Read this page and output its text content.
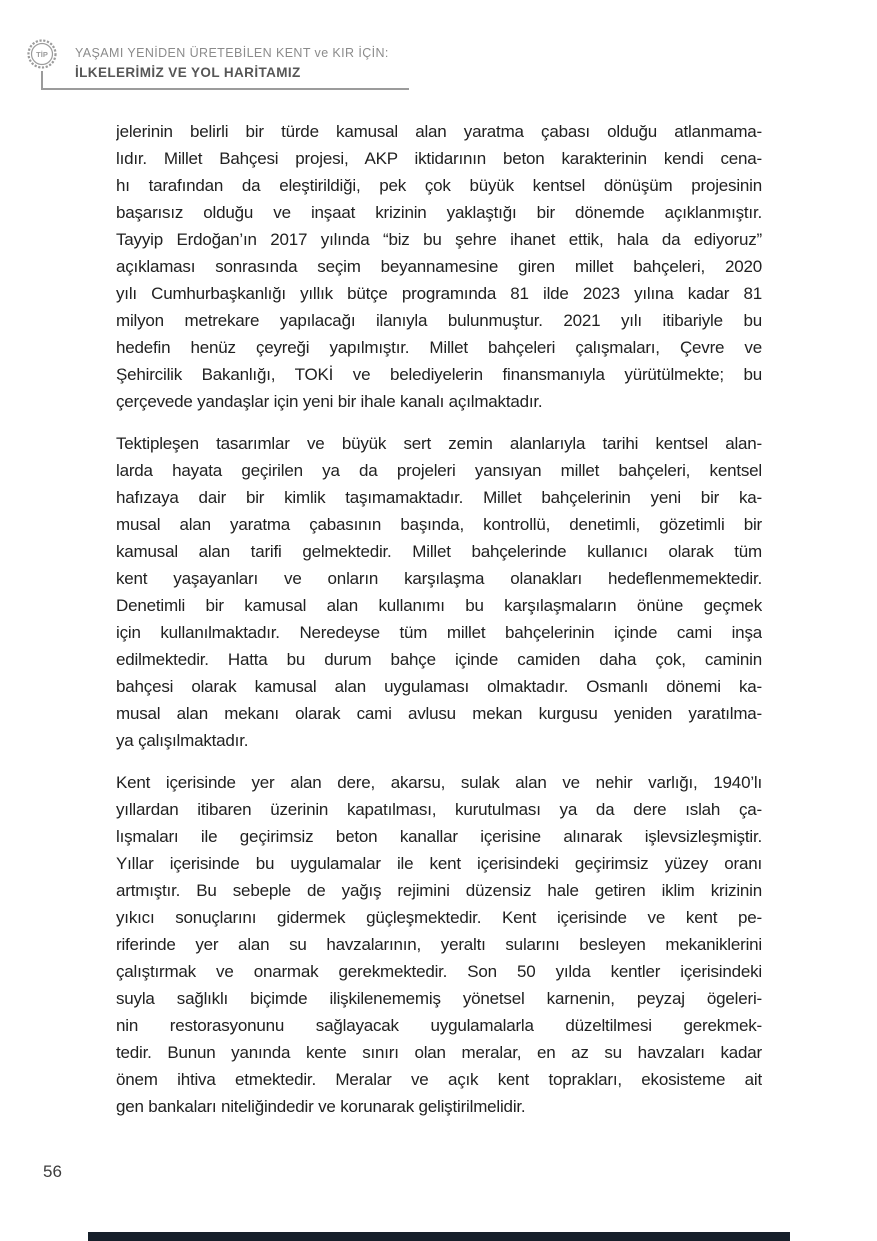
TİP YAŞAMI YENİDEN ÜRETEBİLEN KENT ve KIR İÇİN:
İLKELERİMİZ VE YOL HARİTAMIZ
jelerinin belirli bir türde kamusal alan yaratma çabası olduğu atlanmama-
lıdır. Millet Bahçesi projesi, AKP iktidarının beton karakterinin kendi cena-
hı tarafından da eleştirildiği, pek çok büyük kentsel dönüşüm projesinin
başarısız olduğu ve inşaat krizinin yaklaştığı bir dönemde açıklanmıştır.
Tayyip Erdoğan’ın 2017 yılında “biz bu şehre ihanet ettik, hala da ediyoruz”
açıklaması sonrasında seçim beyannamesine giren millet bahçeleri, 2020
yılı Cumhurbaşkanlığı yıllık bütçe programında 81 ilde 2023 yılına kadar 81
milyon metrekare yapılacağı ilanıyla bulunmuştur. 2021 yılı itibariyle bu
hedefin henüz çeyreği yapılmıştır. Millet bahçeleri çalışmaları, Çevre ve
Şehircilik Bakanlığı, TOKİ ve belediyelerin finansmanıyla yürütülmekte; bu
çerçevede yandaşlar için yeni bir ihale kanalı açılmaktadır.
Tektipleşen tasarımlar ve büyük sert zemin alanlarıyla tarihi kentsel alan-
larda hayata geçirilen ya da projeleri yansıyan millet bahçeleri, kentsel
hafızaya dair bir kimlik taşımamaktadır. Millet bahçelerinin yeni bir ka-
musal alan yaratma çabasının başında, kontrollü, denetimli, gözetimli bir
kamusal alan tarifi gelmektedir. Millet bahçelerinde kullanıcı olarak tüm
kent yaşayanları ve onların karşılaşma olanakları hedeflenmemektedir.
Denetimli bir kamusal alan kullanımı bu karşılaşmaların önüne geçmek
için kullanılmaktadır. Neredeyse tüm millet bahçelerinin içinde cami inşa
edilmektedir. Hatta bu durum bahçe içinde camiden daha çok, caminin
bahçesi olarak kamusal alan uygulaması olmaktadır. Osmanlı dönemi ka-
musal alan mekanı olarak cami avlusu mekan kurgusu yeniden yaratılma-
ya çalışılmaktadır.
Kent içerisinde yer alan dere, akarsu, sulak alan ve nehir varlığı, 1940’lı
yıllardan itibaren üzerinin kapatılması, kurutulması ya da dere ıslah ça-
lışmaları ile geçirimsiz beton kanallar içerisine alınarak işlevsizleşmiştir.
Yıllar içerisinde bu uygulamalar ile kent içerisindeki geçirimsiz yüzey oranı
artmıştır. Bu sebeple de yağış rejimini düzensiz hale getiren iklim krizinin
yıkıcı sonuçlarını gidermek güçleşmektedir. Kent içerisinde ve kent pe-
riferinde yer alan su havzalarının, yeraltı sularını besleyen mekaniklerini
çalıştırmak ve onarmak gerekmektedir. Son 50 yılda kentler içerisindeki
suyla sağlıklı biçimde ilişkilenememiş yönetsel karnenin, peyzaj ögeleri-
nin restorasyonunu sağlayacak uygulamalarla düzeltilmesi gerekmek-
tedir. Bunun yanında kente sınırı olan meralar, en az su havzaları kadar
önem ihtiva etmektedir. Meralar ve açık kent toprakları, ekosisteme ait
gen bankaları niteliğindedir ve korunarak geliştirilmelidir.
56
